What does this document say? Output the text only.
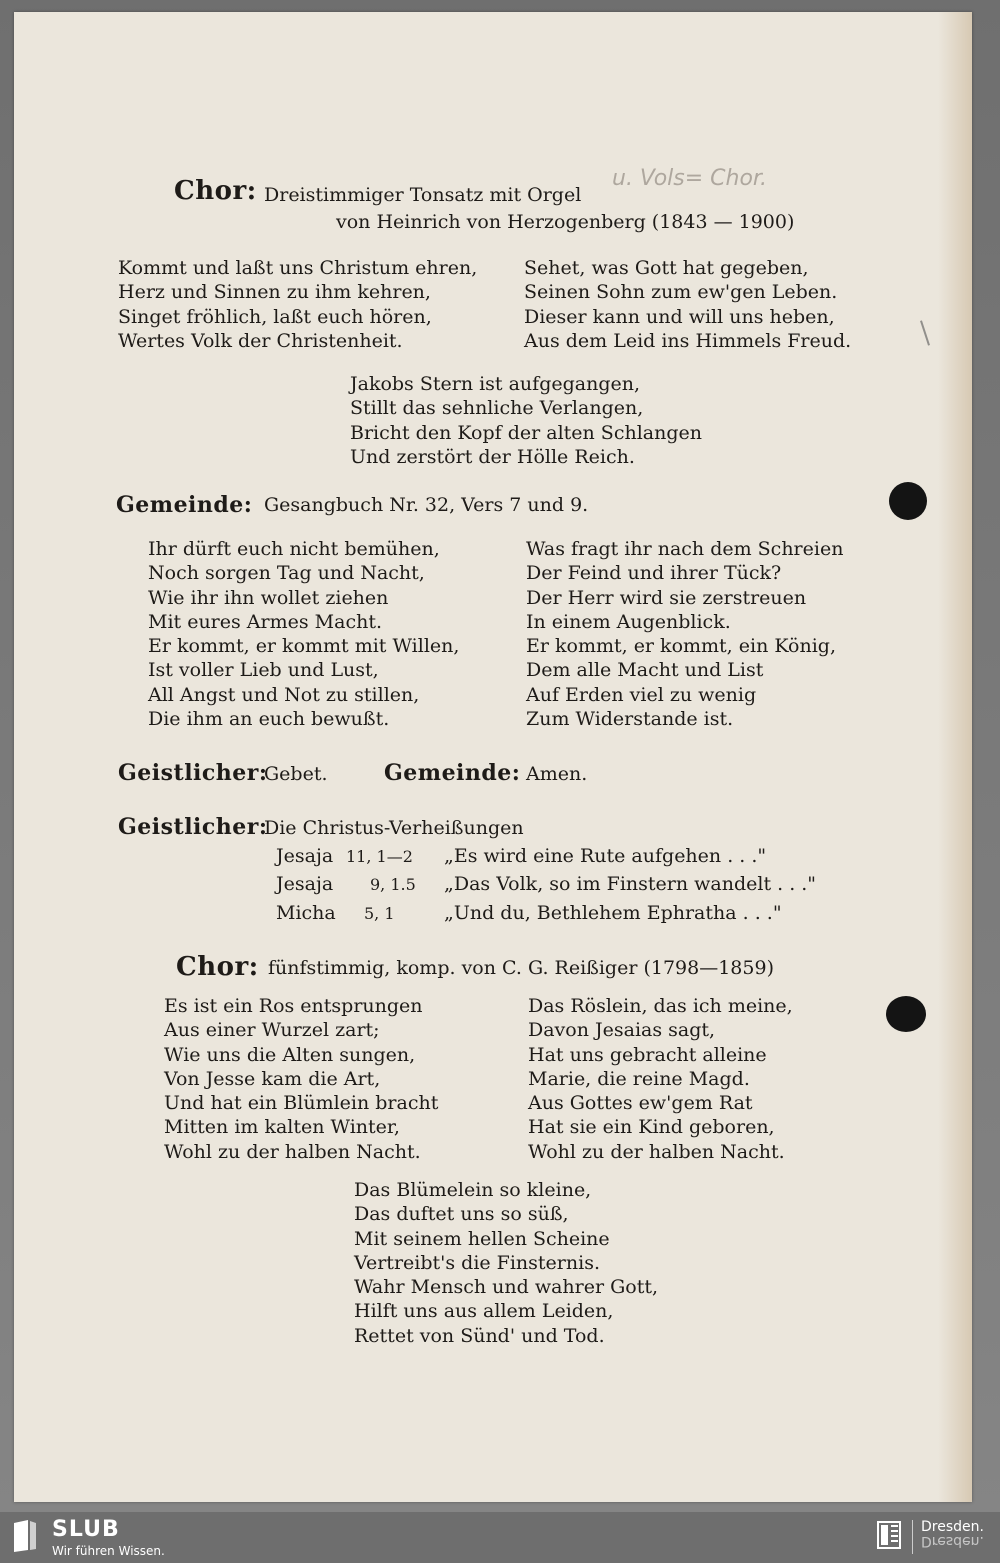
Chor: Dreistimmiger Tonsatz mit Orgel
u. Vols= Chor.
von Heinrich von Herzogenberg (1843 — 1900)
Kommt und laßt uns Christum ehren,
Herz und Sinnen zu ihm kehren,
Singet fröhlich, laßt euch hören,
Wertes Volk der Christenheit.
Sehet, was Gott hat gegeben,
Seinen Sohn zum ew'gen Leben.
Dieser kann und will uns heben,
Aus dem Leid ins Himmels Freud.
Jakobs Stern ist aufgegangen,
Stillt das sehnliche Verlangen,
Bricht den Kopf der alten Schlangen
Und zerstört der Hölle Reich.
Gemeinde: Gesangbuch Nr. 32, Vers 7 und 9.
Ihr dürft euch nicht bemühen,
Noch sorgen Tag und Nacht,
Wie ihr ihn wollet ziehen
Mit eures Armes Macht.
Er kommt, er kommt mit Willen,
Ist voller Lieb und Lust,
All Angst und Not zu stillen,
Die ihm an euch bewußt.
Was fragt ihr nach dem Schreien
Der Feind und ihrer Tück?
Der Herr wird sie zerstreuen
In einem Augenblick.
Er kommt, er kommt, ein König,
Dem alle Macht und List
Auf Erden viel zu wenig
Zum Widerstande ist.
Geistlicher:
Gebet.	Gemeinde: Amen.
Geistlicher:
Die Christus-Verheißungen
Jesaja 11, 1—2 „Es wird eine Rute aufgehen . . ."
Jesaja 9, 1.5 „Das Volk, so im Finstern wandelt . . ."
Micha 5, 1	„Und du, Bethlehem Ephratha . . ."
Chor: fünfstimmig, komp. von C. G. Reißiger (1798—1859)
Es ist ein Ros entsprungen
Aus einer Wurzel zart;
Wie uns die Alten sungen,
Von Jesse kam die Art,
Und hat ein Blümlein bracht
Mitten im kalten Winter,
Wohl zu der halben Nacht.
Das Röslein, das ich meine,
Davon Jesaias sagt,
Hat uns gebracht alleine
Marie, die reine Magd.
Aus Gottes ew'gem Rat
Hat sie ein Kind geboren,
Wohl zu der halben Nacht.
Das Blümelein so kleine,
Das duftet uns so süß,
Mit seinem hellen Scheine
Vertreibt's die Finsternis.
Wahr Mensch und wahrer Gott,
Hilft uns aus allem Leiden,
Rettet von Sünd' und Tod.
SLUB
Wir führen Wissen.
Dresden.
Dresden.
